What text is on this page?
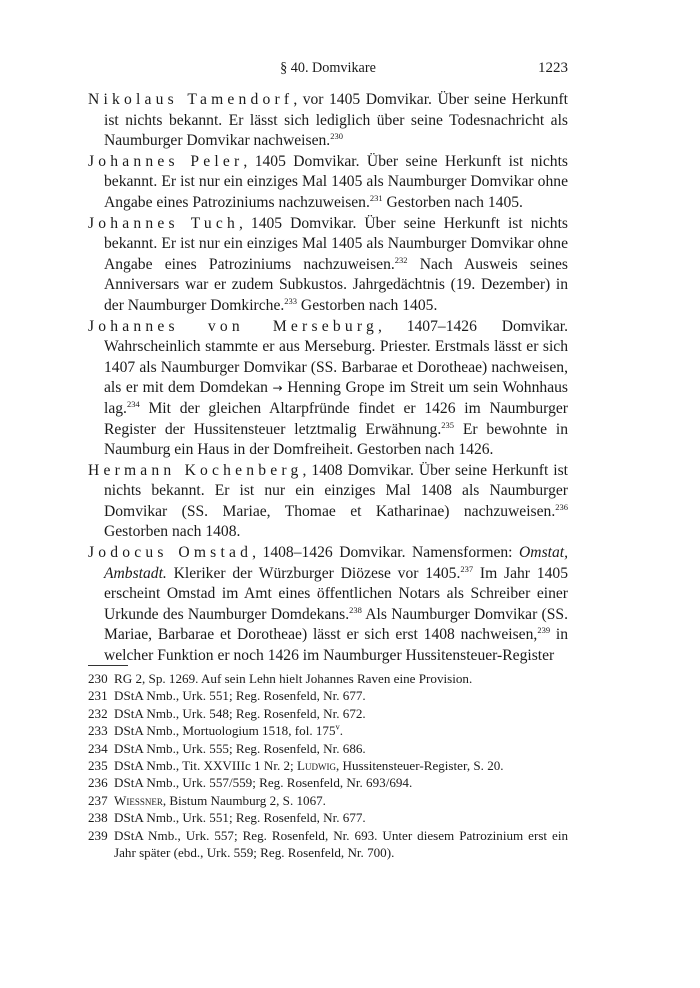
§ 40. Domvikare	1223

Nikolaus Tamendorf, vor 1405 Domvikar. Über seine Herkunft ist nichts bekannt. Er lässt sich lediglich über seine Todesnachricht als Naumburger Domvikar nachweisen.$^{230}$

Johannes Peler, 1405 Domvikar. Über seine Herkunft ist nichts bekannt. Er ist nur ein einziges Mal 1405 als Naumburger Domvikar ohne Angabe eines Patroziniums nachzuweisen.$^{231}$ Gestorben nach 1405.

Johannes Tuch, 1405 Domvikar. Über seine Herkunft ist nichts bekannt. Er ist nur ein einziges Mal 1405 als Naumburger Domvikar ohne Angabe eines Patroziniums nachzuweisen.$^{232}$ Nach Ausweis seines Anniversars war er zudem Subkustos. Jahrgedächtnis (19. Dezember) in der Naumburger Domkirche.$^{233}$ Gestorben nach 1405.

Johannes von Merseburg, 1407–1426 Domvikar. Wahrscheinlich stammte er aus Merseburg. Priester. Erstmals lässt er sich 1407 als Naumburger Domvikar (SS. Barbarae et Dorotheae) nachweisen, als er mit dem Domdekan → Henning Grope im Streit um sein Wohnhaus lag.$^{234}$ Mit der gleichen Altarpfründe findet er 1426 im Naumburger Register der Hussitensteuer letztmalig Erwähnung.$^{235}$ Er bewohnte in Naumburg ein Haus in der Domfreiheit. Gestorben nach 1426.

Hermann Kochenberg, 1408 Domvikar. Über seine Herkunft ist nichts bekannt. Er ist nur ein einziges Mal 1408 als Naumburger Domvikar (SS. Mariae, Thomae et Katharinae) nachzuweisen.$^{236}$ Gestorben nach 1408.

Jodocus Omstad, 1408–1426 Domvikar. Namensformen: Omstat, Ambstadt. Kleriker der Würzburger Diözese vor 1405.$^{237}$ Im Jahr 1405 erscheint Omstad im Amt eines öffentlichen Notars als Schreiber einer Urkunde des Naumburger Domdekans.$^{238}$ Als Naumburger Domvikar (SS. Mariae, Barbarae et Dorotheae) lässt er sich erst 1408 nachweisen,$^{239}$ in welcher Funktion er noch 1426 im Naumburger Hussitensteuer-Register

230 RG 2, Sp. 1269. Auf sein Lehn hielt Johannes Raven eine Provision.

231 DStA Nmb., Urk. 551; Reg. Rosenfeld, Nr. 677.

232 DStA Nmb., Urk. 548; Reg. Rosenfeld, Nr. 672.

233 DStA Nmb., Mortuologium 1518, fol. 175$^v$.

234 DStA Nmb., Urk. 555; Reg. Rosenfeld, Nr. 686.

235 DStA Nmb., Tit. XXVIIIc 1 Nr. 2; Ludwig, Hussitensteuer-Register, S. 20.

236 DStA Nmb., Urk. 557/559; Reg. Rosenfeld, Nr. 693/694.

237 Wiessner, Bistum Naumburg 2, S. 1067.

238 DStA Nmb., Urk. 551; Reg. Rosenfeld, Nr. 677.

239 DStA Nmb., Urk. 557; Reg. Rosenfeld, Nr. 693. Unter diesem Patrozinium erst ein Jahr später (ebd., Urk. 559; Reg. Rosenfeld, Nr. 700).
